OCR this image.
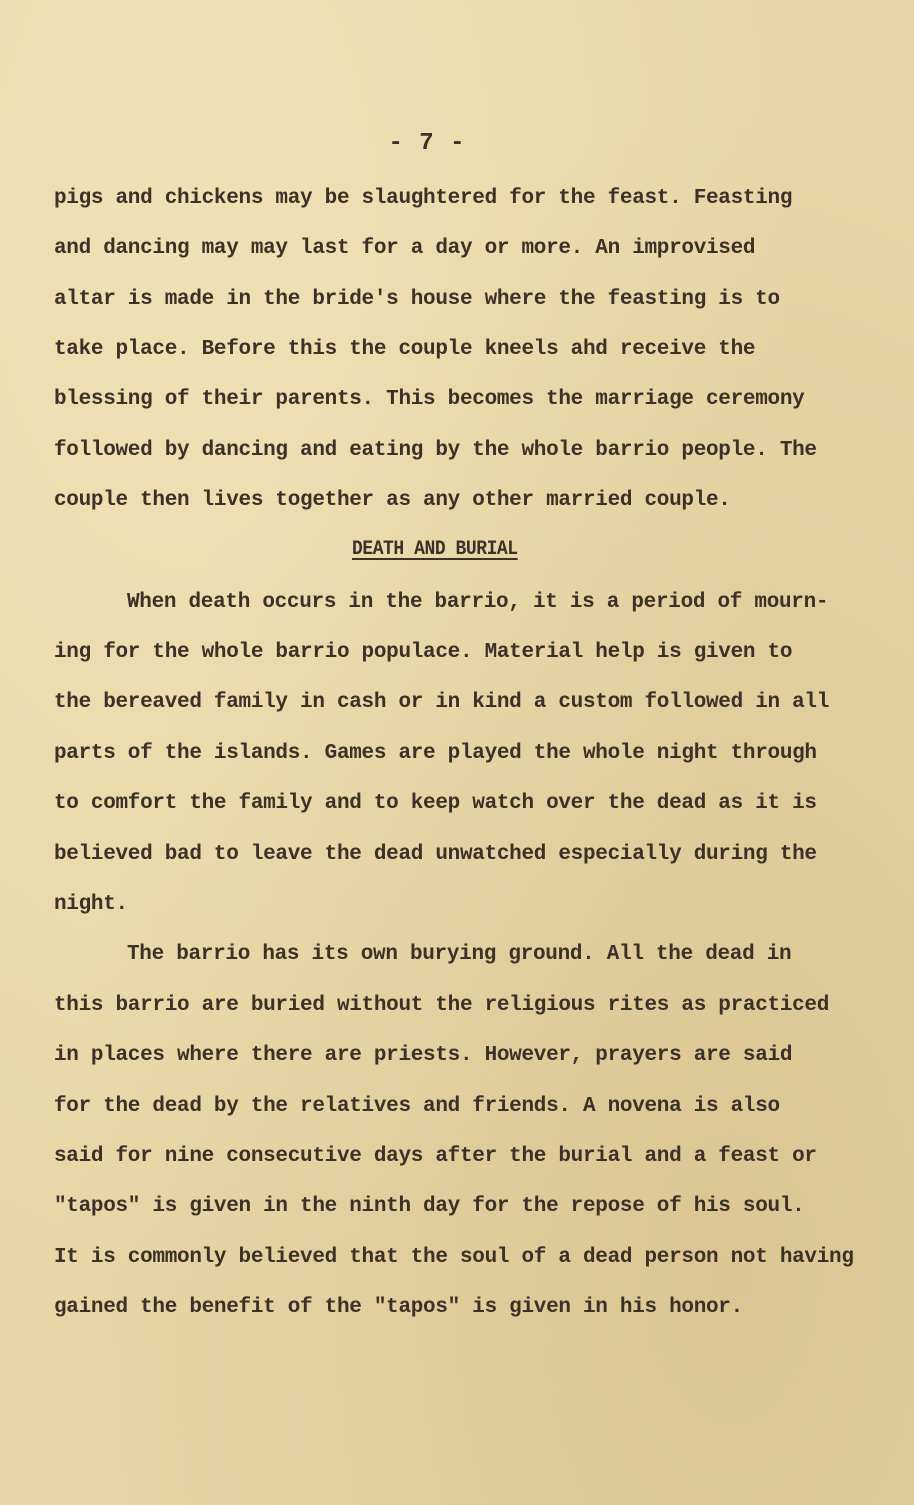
- 7 -
pigs and chickens may be slaughtered for the feast. Feasting
and dancing may may last for a day or more. An improvised
altar is made in the bride's house where the feasting is to
take place. Before this the couple kneels ahd receive the
blessing of their parents. This becomes the marriage ceremony
followed by dancing and eating by the whole barrio people. The
couple then lives together as any other married couple.
DEATH AND BURIAL
When death occurs in the barrio, it is a period of mourn-
ing for the whole barrio populace. Material help is given to
the bereaved family in cash or in kind a custom followed in all
parts of the islands. Games are played the whole night through
to comfort the family and to keep watch over the dead as it is
believed bad to leave the dead unwatched especially during the
night.
The barrio has its own burying ground. All the dead in
this barrio are buried without the religious rites as practiced
in places where there are priests. However, prayers are said
for the dead by the relatives and friends. A novena is also
said for nine consecutive days after the burial and a feast or
"tapos" is given in the ninth day for the repose of his soul.
It is commonly believed that the soul of a dead person not having
gained the benefit of the "tapos" is given in his honor.
